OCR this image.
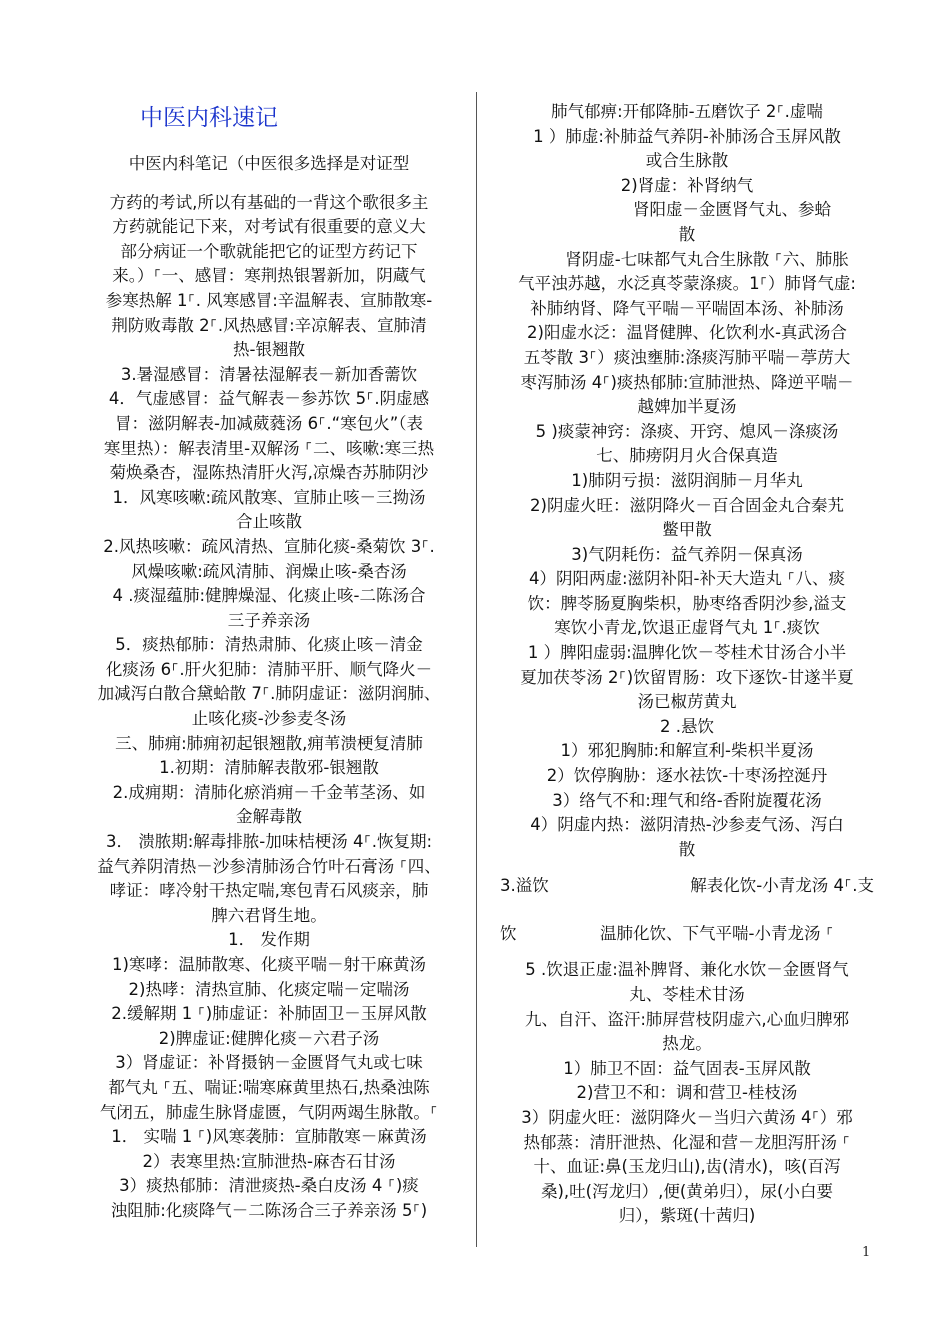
中医内科速记
中医内科笔记（中医很多选择是对证型
方药的考试,所以有基础的一背这个歌很多主
方药就能记下来，对考试有很重要的意义大
部分病证一个歌就能把它的证型方药记下
来。）⸀一、感冒：寒荆热银署新加，阴蔵气
参寒热解 1⸀. 风寒感冒:辛温解表、宣肺散寒-
荆防败毒散 2⸀.风热感冒:辛凉解表、宣肺清
热-银翘散
3.暑湿感冒：清暑祛湿解表－新加香薷饮
4．气虚感冒：益气解表－参苏饮 5⸀.阴虚感
冒：滋阴解表-加减葳蕤汤 6⸀.“寒包火”（表
寒里热）：解表清里-双解汤 ⸀二、咳嗽:寒三热
菊焕桑杏，湿陈热清肝火泻,凉燥杏苏肺阴沙
1．风寒咳嗽:疏风散寒、宣肺止咳－三拗汤
合止咳散
2.风热咳嗽：疏风清热、宣肺化痰-桑菊饮 3⸀.
风燥咳嗽:疏风清肺、润燥止咳-桑杏汤
4 .痰湿蕴肺:健脾燥湿、化痰止咳-二陈汤合
三子养亲汤
5．痰热郁肺：清热肃肺、化痰止咳－清金
化痰汤 6⸀.肝火犯肺：清肺平肝、顺气降火－
加减泻白散合黛蛤散 7⸀.肺阴虚证：滋阴润肺、
止咳化痰-沙参麦冬汤
三、肺痈:肺痈初起银翘散,痈苇溃梗复清肺
1.初期：清肺解表散邪-银翘散
2.成痈期：清肺化瘀消痈－千金苇茎汤、如
金解毒散
3． 溃脓期:解毒排脓-加味桔梗汤 4⸀.恢复期:
益气养阴清热－沙参清肺汤合竹叶石膏汤 ⸀四、
哮证：哮冷射干热定喘,寒包青石风痰亲，肺
脾六君肾生地。
1． 发作期
1)寒哮：温肺散寒、化痰平喘－射干麻黄汤
2)热哮：清热宣肺、化痰定喘－定喘汤
2.缓解期 1 ⸀)肺虚证：补肺固卫－玉屏风散
2)脾虚证:健脾化痰－六君子汤
3）肾虚证：补肾摄钠－金匮肾气丸或七味
都气丸 ⸀五、喘证:喘寒麻黄里热石,热桑浊陈
气闭五，肺虚生脉肾虚匮，气阴两竭生脉散。⸀
1． 实喘 1 ⸀)风寒袭肺：宣肺散寒－麻黄汤
2）表寒里热:宣肺泄热-麻杏石甘汤
3）痰热郁肺：清泄痰热-桑白皮汤 4 ⸀)痰
浊阻肺:化痰降气－二陈汤合三子养亲汤 5⸀)
肺气郁痹:开郁降肺-五磨饮子 2⸀.虚喘
1 ）肺虚:补肺益气养阴-补肺汤合玉屏风散
或合生脉散
2)肾虚：补肾纳气
肾阳虚－金匮肾气丸、参蛤
散
肾阴虚-七味都气丸合生脉散 ⸀六、肺胀
气平浊苏越，水泛真苓蒙涤痰。1⸀）肺肾气虚:
补肺纳肾、降气平喘－平喘固本汤、补肺汤
2)阳虚水泛：温肾健脾、化饮利水-真武汤合
五苓散 3⸀）痰浊壅肺:涤痰泻肺平喘－葶苈大
枣泻肺汤 4⸀)痰热郁肺:宣肺泄热、降逆平喘－
越婢加半夏汤
5 )痰蒙神窍：涤痰、开窍、熄风－涤痰汤
七、肺痨阴月火合保真造
1)肺阴亏损：滋阴润肺－月华丸
2)阴虚火旺：滋阴降火－百合固金丸合秦艽
鳖甲散
3)气阴耗伤：益气养阴－保真汤
4）阴阳两虚:滋阴补阳-补天大造丸 ⸀八、痰
饮：脾苓肠夏胸柴枳，胁枣络香阴沙参,溢支
寒饮小青龙,饮退正虚肾气丸 1⸀.痰饮
1 ）脾阳虚弱:温脾化饮－苓桂术甘汤合小半
夏加茯苓汤 2⸀)饮留胃肠：攻下逐饮-甘遂半夏
汤已椒苈黄丸
2 .悬饮
1）邪犯胸肺:和解宣利-柴枳半夏汤
2）饮停胸胁：逐水祛饮-十枣汤控涎丹
3）络气不和:理气和络-香附旋覆花汤
4）阴虚内热：滋阴清热-沙参麦气汤、泻白
散
3.溢饮	解表化饮-小青龙汤 4⸀.支
饮	温肺化饮、下气平喘-小青龙汤 ⸀
5 .饮退正虚:温补脾肾、兼化水饮－金匮肾气
丸、苓桂术甘汤
九、自汗、盗汗:肺屏营枝阴虚六,心血归脾邪
热龙。
1）肺卫不固：益气固表-玉屏风散
2)营卫不和：调和营卫-桂枝汤
3）阴虚火旺：滋阴降火－当归六黄汤 4⸀）邪
热郁蒸：清肝泄热、化湿和营－龙胆泻肝汤 ⸀
十、血证:鼻(玉龙归山),齿(清水)，咳(百泻
桑),吐(泻龙归）,便(黄弟归），尿(小白要
归），紫斑(十茜归)
1
